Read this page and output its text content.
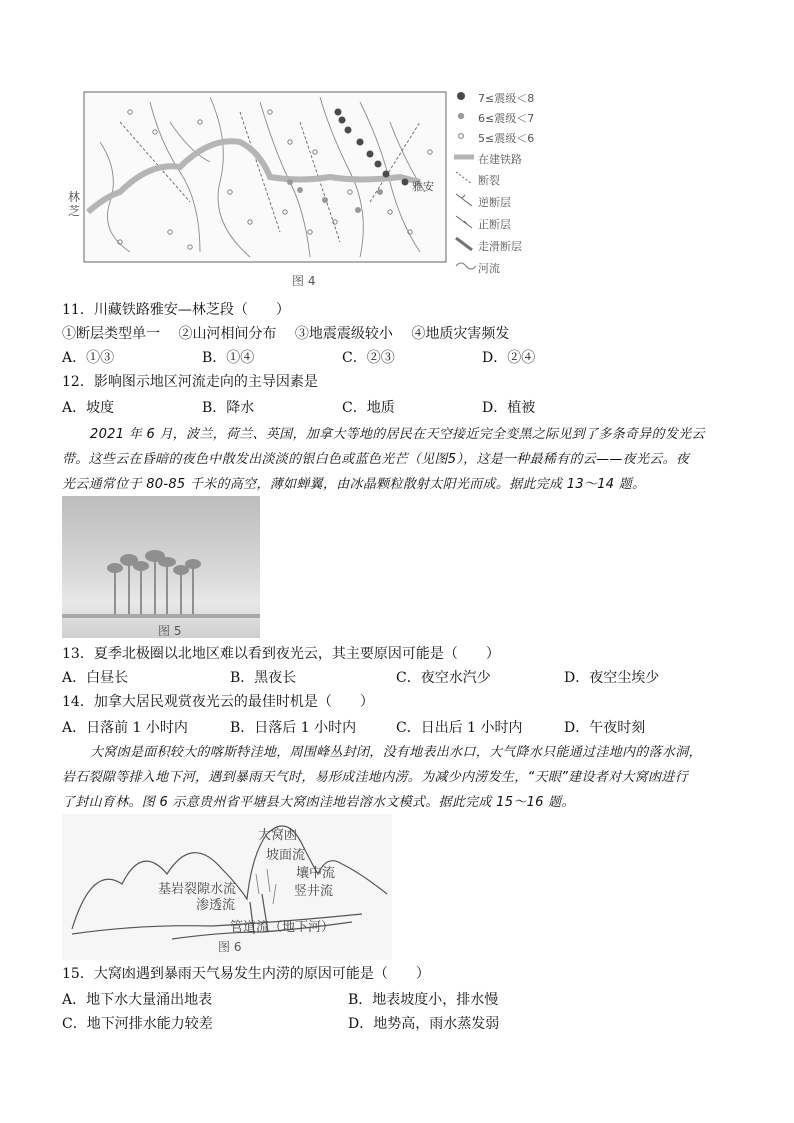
林芝
雅安
图 4
7≤震级＜8
6≤震级＜7
5≤震级＜6
在建铁路
断裂
逆断层
正断层
走滑断层
河流
11．川藏铁路雅安—林芝段（　　）
①断层类型单一　 ②山河相间分布　 ③地震震级较小　 ④地质灾害频发
A．①③	B．①④	C．②③	D．②④
12．影响图示地区河流走向的主导因素是
A．坡度	B．降水	C．地质	D．植被
2021 年 6 月，波兰，荷兰、英国，加拿大等地的居民在天空接近完全变黑之际见到了多条奇异的发光云
带。这些云在昏暗的夜色中散发出淡淡的银白色或蓝色光芒（见图5），这是一种最稀有的云——夜光云。夜
光云通常位于 80-85 千米的高空，薄如蝉翼，由冰晶颗粒散射太阳光而成。据此完成 13～14 题。
图 5
13．夏季北极圈以北地区难以看到夜光云，其主要原因可能是（　　）
A．白昼长	B．黑夜长	C．夜空水汽少	D．夜空尘埃少
14．加拿大居民观赏夜光云的最佳时机是（　　）
A．日落前 1 小时内	B．日落后 1 小时内	C．日出后 1 小时内	D．午夜时刻
大窝凼是面积较大的喀斯特洼地，周围峰丛封闭，没有地表出水口，大气降水只能通过洼地内的落水洞，
岩石裂隙等排入地下河，遇到暴雨天气时，易形成洼地内涝。为减少内涝发生，“天眼”建设者对大窝凼进行
了封山育林。图 6 示意贵州省平塘县大窝凼洼地岩溶水文模式。据此完成 15～16 题。
大窝凼
坡面流
壤中流
竖井流
基岩裂隙水流
渗透流
管道流（地下河）
图 6
15．大窝凼遇到暴雨天气易发生内涝的原因可能是（　　）
A．地下水大量涌出地表	B．地表坡度小，排水慢
C．地下河排水能力较差	D．地势高，雨水蒸发弱
